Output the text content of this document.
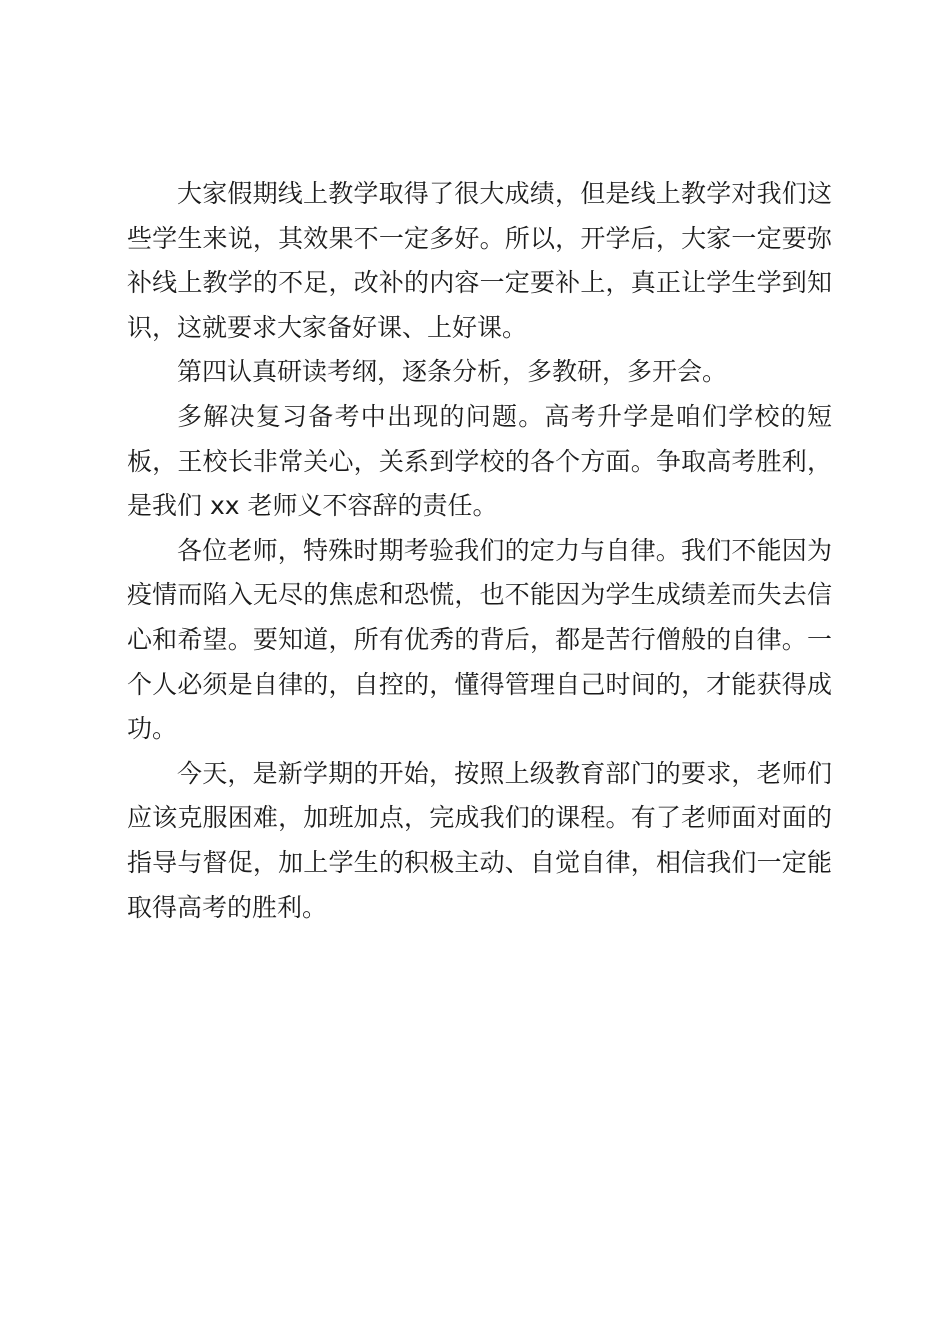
大家假期线上教学取得了很大成绩，但是线上教学对我们这些学生来说，其效果不一定多好。所以，开学后，大家一定要弥补线上教学的不足，改补的内容一定要补上，真正让学生学到知识，这就要求大家备好课、上好课。

第四认真研读考纲，逐条分析，多教研，多开会。

多解决复习备考中出现的问题。高考升学是咱们学校的短板，王校长非常关心，关系到学校的各个方面。争取高考胜利，是我们 xx 老师义不容辞的责任。

各位老师，特殊时期考验我们的定力与自律。我们不能因为疫情而陷入无尽的焦虑和恐慌，也不能因为学生成绩差而失去信心和希望。要知道，所有优秀的背后，都是苦行僧般的自律。一个人必须是自律的，自控的，懂得管理自己时间的，才能获得成功。

今天，是新学期的开始，按照上级教育部门的要求，老师们应该克服困难，加班加点，完成我们的课程。有了老师面对面的指导与督促，加上学生的积极主动、自觉自律，相信我们一定能取得高考的胜利。
